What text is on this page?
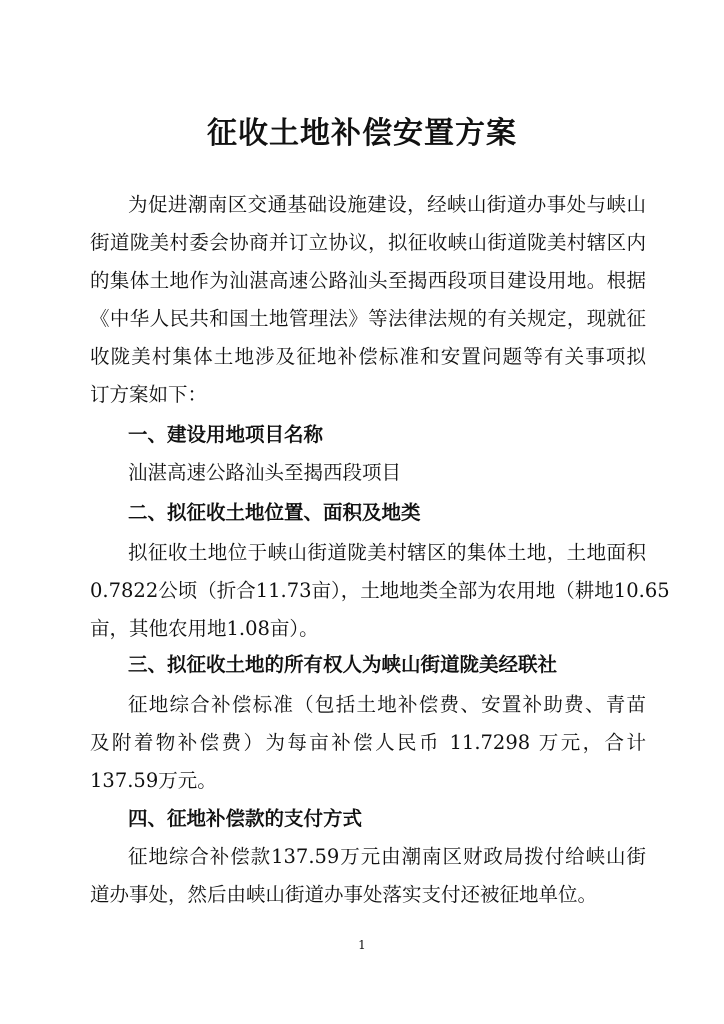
征收土地补偿安置方案
为促进潮南区交通基础设施建设，经峡山街道办事处与峡山
街道陇美村委会协商并订立协议，拟征收峡山街道陇美村辖区内
的集体土地作为汕湛高速公路汕头至揭西段项目建设用地。根据
《中华人民共和国土地管理法》等法律法规的有关规定，现就征
收陇美村集体土地涉及征地补偿标准和安置问题等有关事项拟
订方案如下：
一、建设用地项目名称
汕湛高速公路汕头至揭西段项目
二、拟征收土地位置、面积及地类
拟征收土地位于峡山街道陇美村辖区的集体土地，土地面积
0.7822公顷（折合11.73亩），土地地类全部为农用地（耕地10.65
亩，其他农用地1.08亩）。
三、拟征收土地的所有权人为峡山街道陇美经联社
征地综合补偿标准（包括土地补偿费、安置补助费、青苗
及附着物补偿费）为每亩补偿人民币 11.7298 万元，合计
137.59万元。
四、征地补偿款的支付方式
征地综合补偿款137.59万元由潮南区财政局拨付给峡山街
道办事处，然后由峡山街道办事处落实支付还被征地单位。
1
